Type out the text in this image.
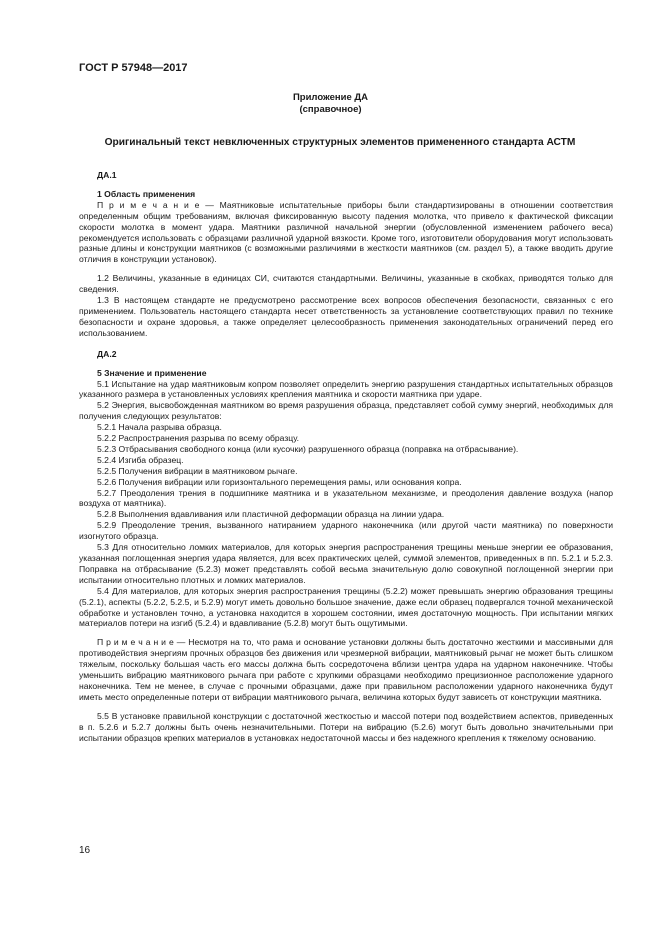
ГОСТ Р 57948—2017
Приложение ДА
(справочное)
Оригинальный текст невключенных структурных элементов примененного стандарта АСТМ

ДА.1

1 Область применения

П р и м е ч а н и е — Маятниковые испытательные приборы были стандартизированы в отношении соответствия определенным общим требованиям, включая фиксированную высоту падения молотка, что привело к фактической фиксации скорости молотка в момент удара. Маятники различной начальной энергии (обусловленной изменением рабочего веса) рекомендуется использовать с образцами различной ударной вязкости. Кроме того, изготовители оборудования могут использовать разные длины и конструкции маятников (с возможными различиями в жесткости маятников (см. раздел 5), а также вводить другие отличия в конструкции установок).

1.2 Величины, указанные в единицах СИ, считаются стандартными. Величины, указанные в скобках, приводятся только для сведения.

1.3 В настоящем стандарте не предусмотрено рассмотрение всех вопросов обеспечения безопасности, связанных с его применением. Пользователь настоящего стандарта несет ответственность за установление соответствующих правил по технике безопасности и охране здоровья, а также определяет целесообразность применения законодательных ограничений перед его использованием.

ДА.2

5 Значение и применение

5.1 Испытание на удар маятниковым копром позволяет определить энергию разрушения стандартных испытательных образцов указанного размера в установленных условиях крепления маятника и скорости маятника при ударе.

5.2 Энергия, высвобожденная маятником во время разрушения образца, представляет собой сумму энергий, необходимых для получения следующих результатов:

5.2.1 Начала разрыва образца.

5.2.2 Распространения разрыва по всему образцу.

5.2.3 Отбрасывания свободного конца (или кусочки) разрушенного образца (поправка на отбрасывание).

5.2.4 Изгиба образец.

5.2.5 Получения вибрации в маятниковом рычаге.

5.2.6 Получения вибрации или горизонтального перемещения рамы, или основания копра.

5.2.7 Преодоления трения в подшипнике маятника и в указательном механизме, и преодоления давление воздуха (напор воздуха от маятника).

5.2.8 Выполнения вдавливания или пластичной деформации образца на линии удара.

5.2.9 Преодоление трения, вызванного натиранием ударного наконечника (или другой части маятника) по поверхности изогнутого образца.

5.3 Для относительно ломких материалов, для которых энергия распространения трещины меньше энергии ее образования, указанная поглощенная энергия удара является, для всех практических целей, суммой элементов, приведенных в пп. 5.2.1 и 5.2.3. Поправка на отбрасывание (5.2.3) может представлять собой весьма значительную долю совокупной поглощенной энергии при испытании относительно плотных и ломких материалов.

5.4 Для материалов, для которых энергия распространения трещины (5.2.2) может превышать энергию образования трещины (5.2.1), аспекты (5.2.2, 5.2.5, и 5.2.9) могут иметь довольно большое значение, даже если образец подвергался точной механической обработке и установлен точно, а установка находится в хорошем состоянии, имея достаточную мощность. При испытании мягких материалов потери на изгиб (5.2.4) и вдавливание (5.2.8) могут быть ощутимыми.

П р и м е ч а н и е — Несмотря на то, что рама и основание установки должны быть достаточно жесткими и массивными для противодействия энергиям прочных образцов без движения или чрезмерной вибрации, маятниковый рычаг не может быть слишком тяжелым, поскольку большая часть его массы должна быть сосредоточена вблизи центра удара на ударном наконечнике. Чтобы уменьшить вибрацию маятникового рычага при работе с хрупкими образцами необходимо прецизионное расположение ударного наконечника. Тем не менее, в случае с прочными образцами, даже при правильном расположении ударного наконечника будут иметь место определенные потери от вибрации маятникового рычага, величина которых будут зависеть от конструкции маятника.

5.5 В установке правильной конструкции с достаточной жесткостью и массой потери под воздействием аспектов, приведенных в п. 5.2.6 и 5.2.7 должны быть очень незначительными. Потери на вибрацию (5.2.6) могут быть довольно значительными при испытании образцов крепких материалов в установках недостаточной массы и без надежного крепления к тяжелому основанию.

16
